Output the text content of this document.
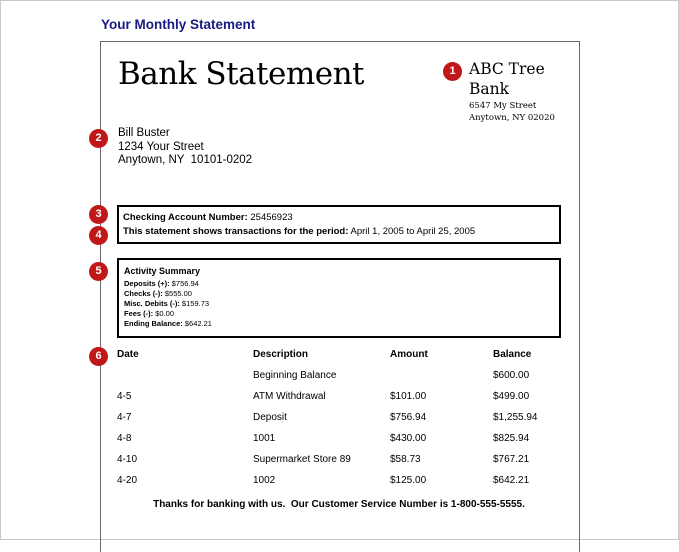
Your Monthly Statement
Bank Statement	1 ABC Tree Bank
6547 My Street
Anytown, NY 02020
2	Bill Buster
1234 Your Street
Anytown, NY  10101-0202
3
4
Checking Account Number: 25456923
This statement shows transactions for the period: April 1, 2005 to April 25, 2005
5	Activity Summary
Deposits (+): $756.94
Checks (-): $555.00
Misc. Debits (-): $159.73
Fees (-): $0.00
Ending Balance: $642.21
6	Date	Description	Amount	Balance
Beginning Balance	$600.00
4-5	ATM Withdrawal	$101.00	$499.00
4-7	Deposit	$756.94	$1,255.94
4-8	1001	$430.00	$825.94
4-10	Supermarket Store 89	$58.73	$767.21
4-20	1002	$125.00	$642.21
Thanks for banking with us.  Our Customer Service Number is 1-800-555-5555.
